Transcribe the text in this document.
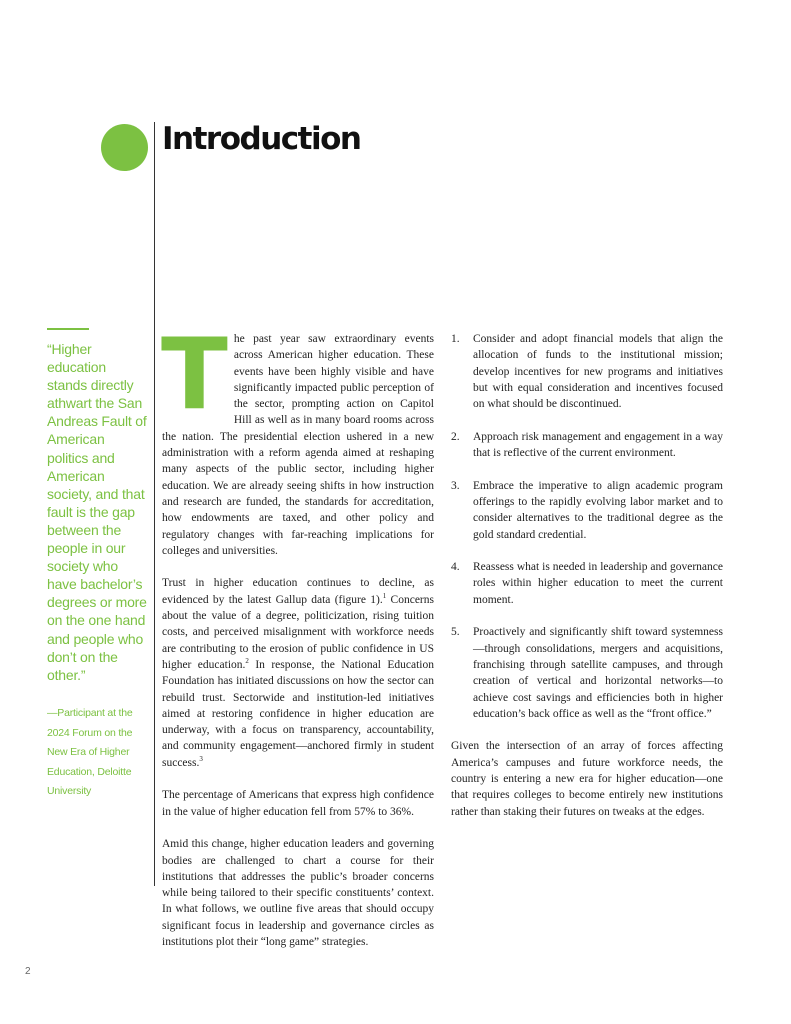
Introduction

“Higher education stands directly athwart the San Andreas Fault of American politics and American society, and that fault is the gap between the people in our society who have bachelor’s degrees or more on the one hand and people who don’t on the other.”

—Participant at the 2024 Forum on the New Era of Higher Education, Deloitte University

The past year saw extraordinary events across American higher education. These events have been highly visible and have significantly impacted public perception of the sector, prompting action on Capitol Hill as well as in many board rooms across the nation. The presidential election ushered in a new administration with a reform agenda aimed at reshaping many aspects of the public sector, including higher education. We are already seeing shifts in how instruction and research are funded, the standards for accreditation, how endowments are taxed, and other policy and regulatory changes with far-reaching implications for colleges and universities.

Trust in higher education continues to decline, as evidenced by the latest Gallup data (figure 1).$^1$ Concerns about the value of a degree, politicization, rising tuition costs, and perceived misalignment with workforce needs are contributing to the erosion of public confidence in US higher education.$^2$ In response, the National Education Foundation has initiated discussions on how the sector can rebuild trust. Sectorwide and institution-led initiatives aimed at restoring confidence in higher education are underway, with a focus on transparency, accountability, and community engagement—anchored firmly in student success.$^3$

The percentage of Americans that express high confidence in the value of higher education fell from 57% to 36%.

Amid this change, higher education leaders and governing bodies are challenged to chart a course for their institutions that addresses the public’s broader concerns while being tailored to their specific constituents’ context. In what follows, we outline five areas that should occupy significant focus in leadership and governance circles as institutions plot their “long game” strategies.

1.	Consider and adopt financial models that align the allocation of funds to the institutional mission; develop incentives for new programs and initiatives but with equal consideration and incentives focused on what should be discontinued.
2.	Approach risk management and engagement in a way that is reflective of the current environment.
3.	Embrace the imperative to align academic program offerings to the rapidly evolving labor market and to consider alternatives to the traditional degree as the gold standard credential.
4.	Reassess what is needed in leadership and governance roles within higher education to meet the current moment.
5.	Proactively and significantly shift toward systemness—through consolidations, mergers and acquisitions, franchising through satellite campuses, and through creation of vertical and horizontal networks—to achieve cost savings and efficiencies both in higher education’s back office as well as the “front office.”

Given the intersection of an array of forces affecting America’s campuses and future workforce needs, the country is entering a new era for higher education—one that requires colleges to become entirely new institutions rather than staking their futures on tweaks at the edges.

2
